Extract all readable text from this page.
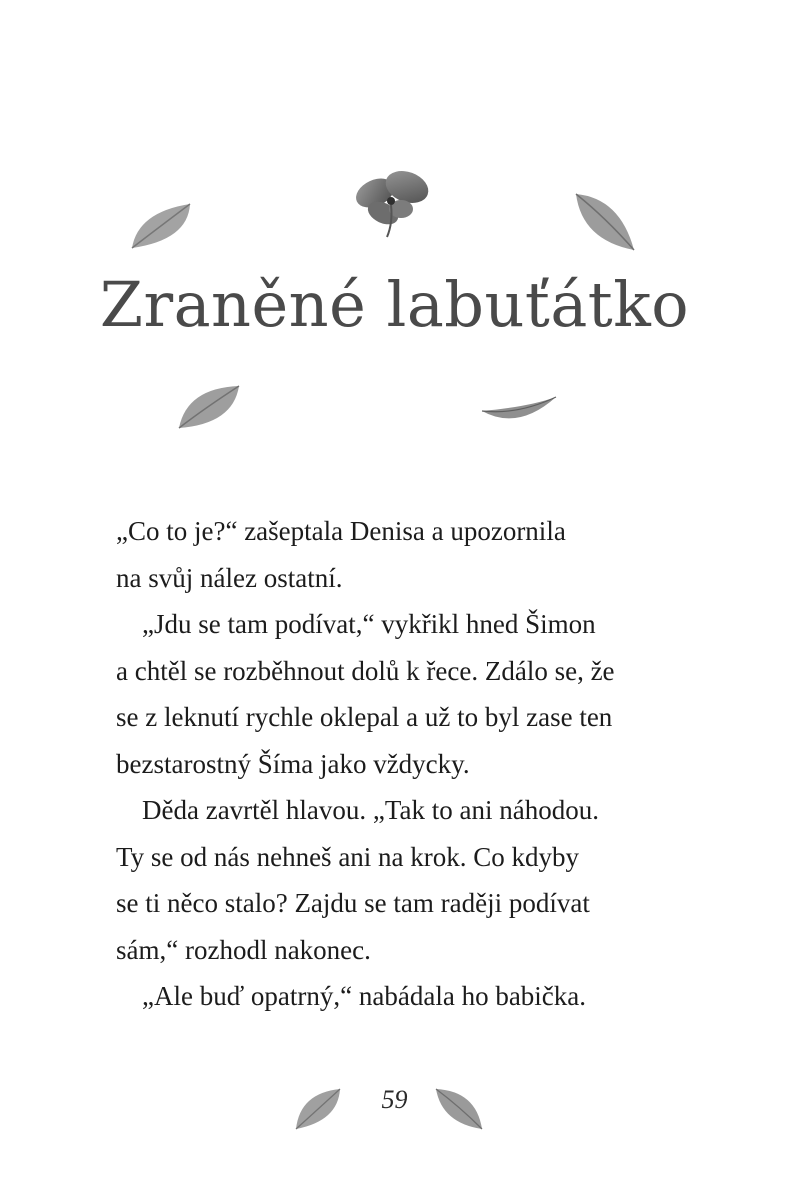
Zraněné labuťátko

„Co to je?“ zašeptala Denisa a upozornila
na svůj nález ostatní.

„Jdu se tam podívat,“ vykřikl hned Šimon
a chtěl se rozběhnout dolů k řece. Zdálo se, že
se z leknutí rychle oklepal a už to byl zase ten
bezstarostný Šíma jako vždycky.

Děda zavrtěl hlavou. „Tak to ani náhodou.
Ty se od nás nehneš ani na krok. Co kdyby
se ti něco stalo? Zajdu se tam raději podívat
sám,“ rozhodl nakonec.

„Ale buď opatrný,“ nabádala ho babička.

59
